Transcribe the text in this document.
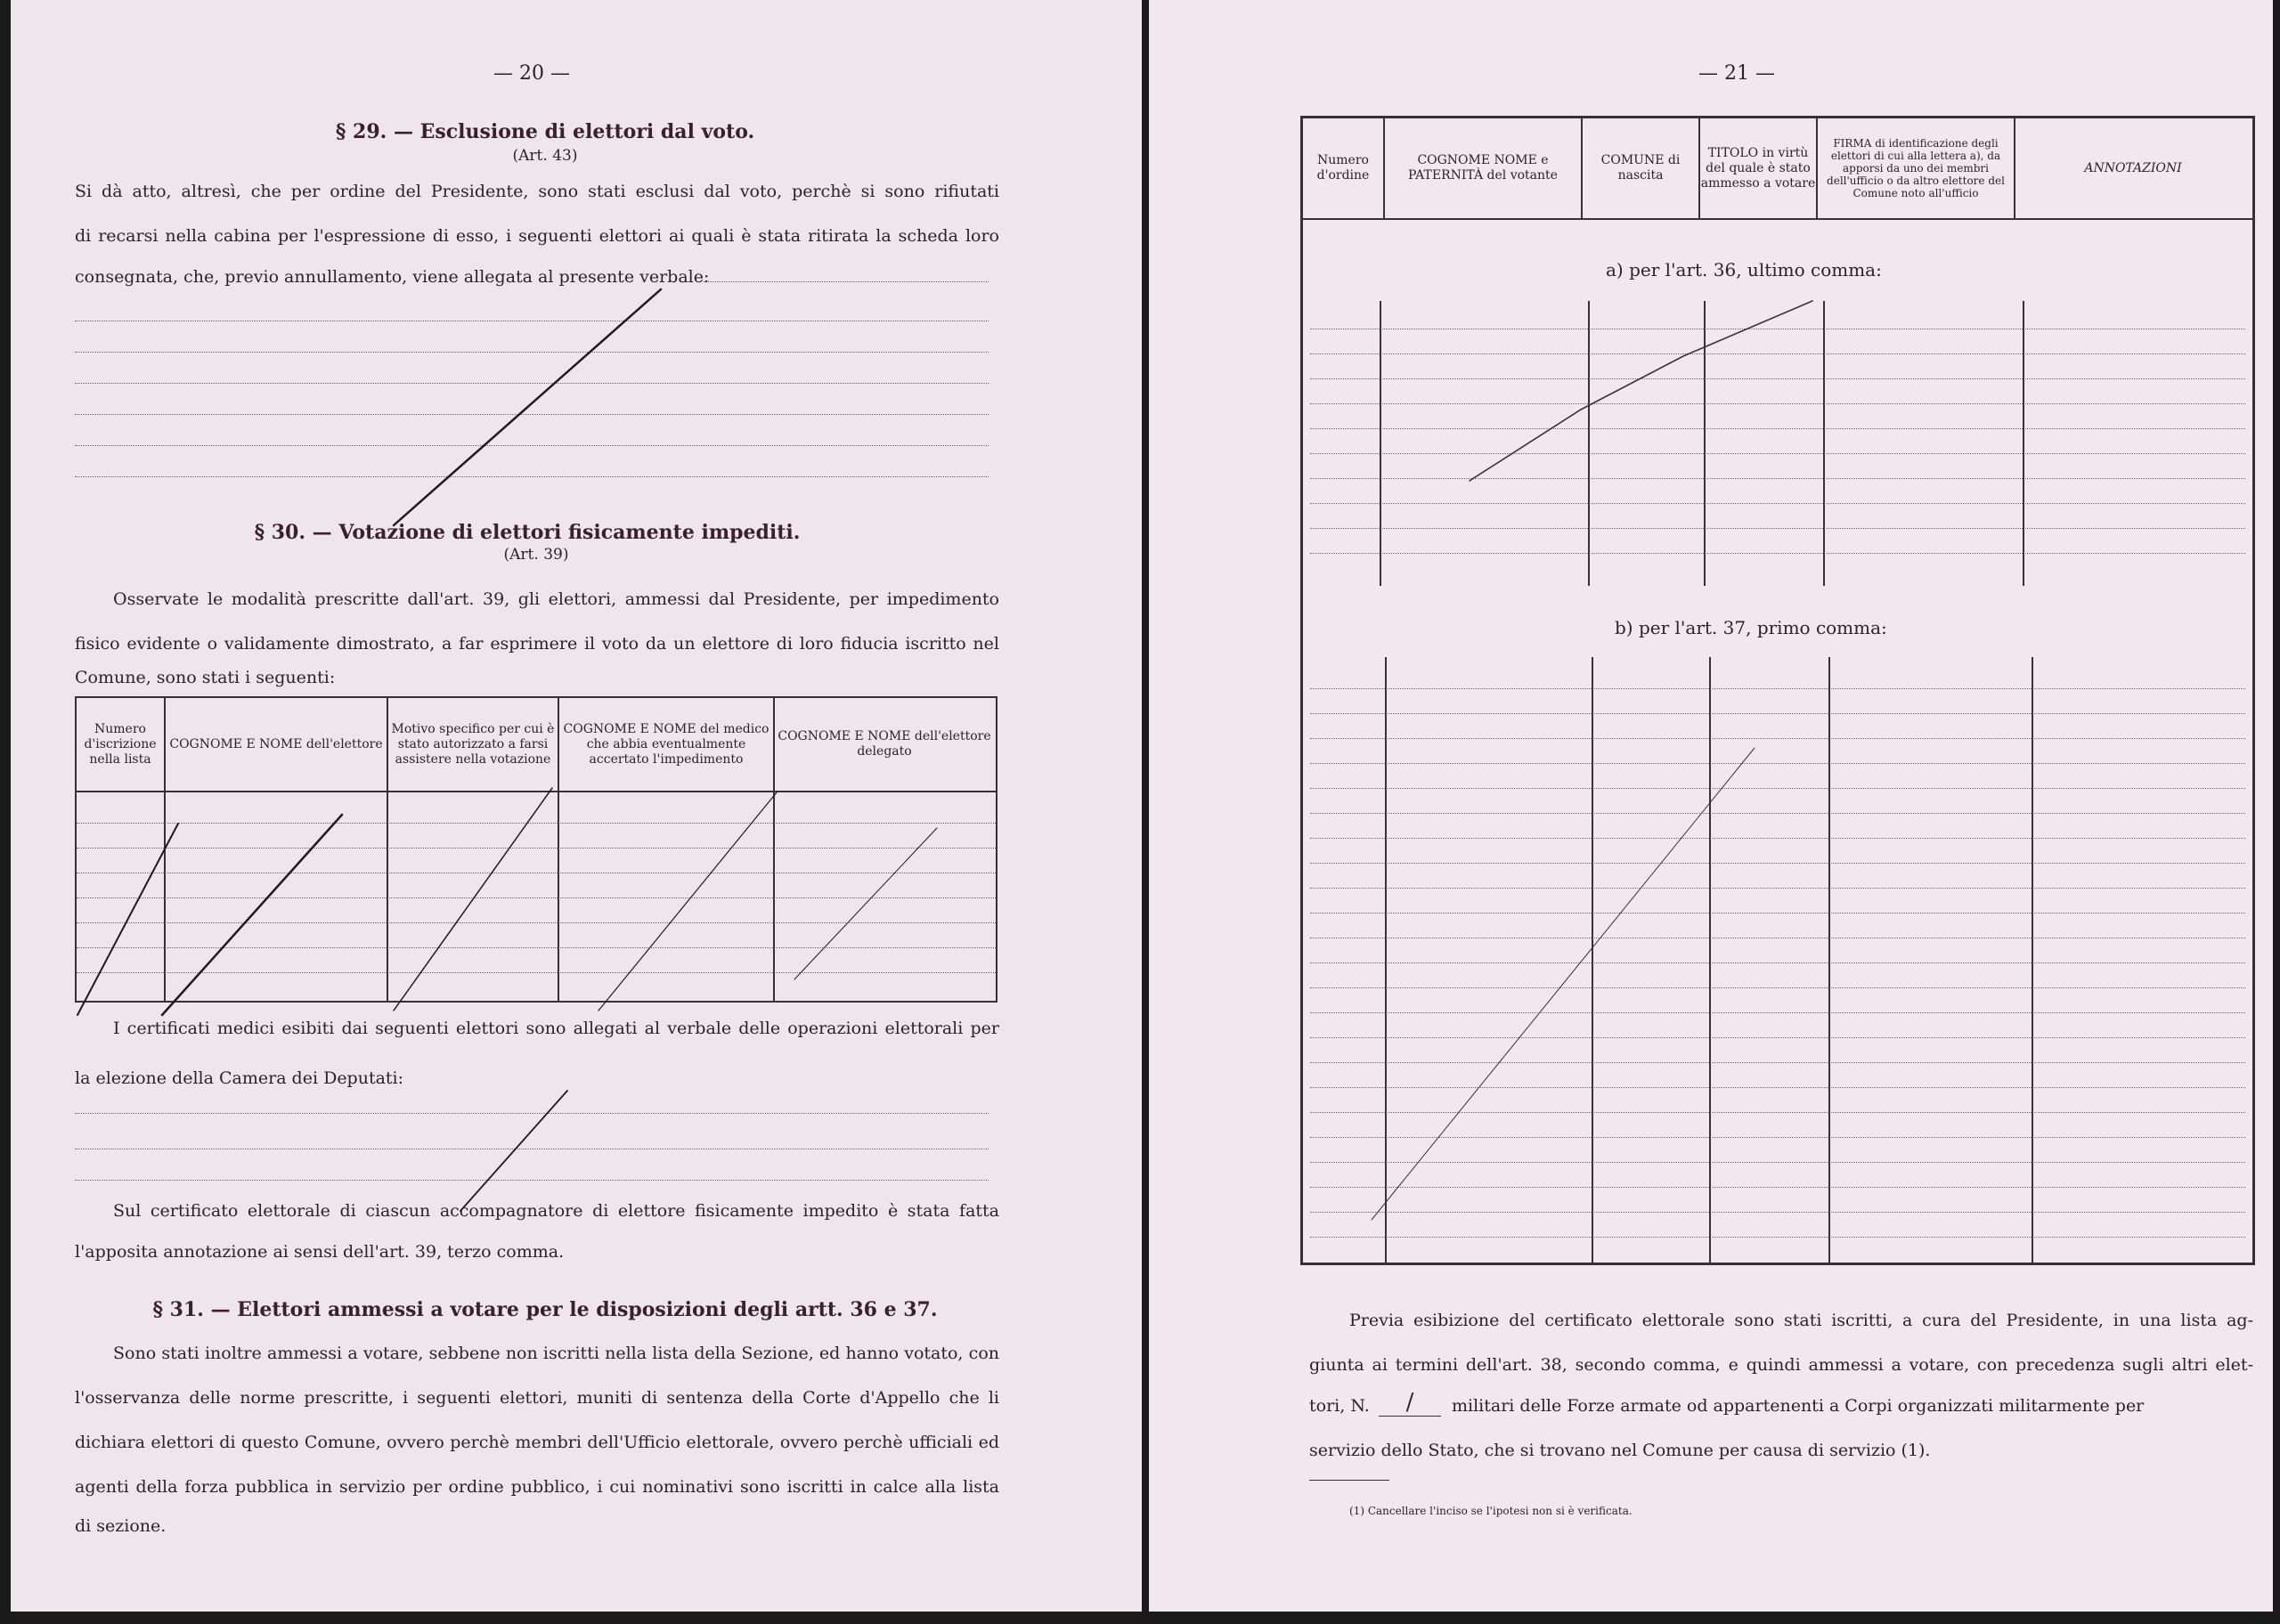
— 20 —
§ 29. — Esclusione di elettori dal voto.
(Art. 43)
Si dà atto, altresì, che per ordine del Presidente, sono stati esclusi dal voto, perchè si sono rifiutati
di recarsi nella cabina per l'espressione di esso, i seguenti elettori ai quali è stata ritirata la scheda loro
consegnata, che, previo annullamento, viene allegata al presente verbale:
§ 30. — Votazione di elettori fisicamente impediti.
(Art. 39)
Osservate le modalità prescritte dall'art. 39, gli elettori, ammessi dal Presidente, per impedimento
fisico evidente o validamente dimostrato, a far esprimere il voto da un elettore di loro fiducia iscritto nel
Comune, sono stati i seguenti:
Numero d'iscrizione nella lista
COGNOME E NOME dell'elettore
Motivo specifico per cui è stato autorizzato a farsi assistere nella votazione
COGNOME E NOME del medico che abbia eventualmente accertato l'impedimento
COGNOME E NOME dell'elettore delegato
I certificati medici esibiti dai seguenti elettori sono allegati al verbale delle operazioni elettorali per
la elezione della Camera dei Deputati:
Sul certificato elettorale di ciascun accompagnatore di elettore fisicamente impedito è stata fatta
l'apposita annotazione ai sensi dell'art. 39, terzo comma.
§ 31. — Elettori ammessi a votare per le disposizioni degli artt. 36 e 37.
Sono stati inoltre ammessi a votare, sebbene non iscritti nella lista della Sezione, ed hanno votato, con
l'osservanza delle norme prescritte, i seguenti elettori, muniti di sentenza della Corte d'Appello che li
dichiara elettori di questo Comune, ovvero perchè membri dell'Ufficio elettorale, ovvero perchè ufficiali ed
agenti della forza pubblica in servizio per ordine pubblico, i cui nominativi sono iscritti in calce alla lista
di sezione.
— 21 —
Numero d'ordine
COGNOME NOME e PATERNITÀ del votante
COMUNE di nascita
TITOLO in virtù del quale è stato ammesso a votare
FIRMA di identificazione degli elettori di cui alla lettera a), da apporsi da uno dei membri dell'ufficio o da altro elettore del Comune noto all'ufficio
ANNOTAZIONI
a) per l'art. 36, ultimo comma:
b) per l'art. 37, primo comma:
Previa esibizione del certificato elettorale sono stati iscritti, a cura del Presidente, in una lista ag-
giunta ai termini dell'art. 38, secondo comma, e quindi ammessi a votare, con precedenza sugli altri elet-
tori, N.	/	militari delle Forze armate od appartenenti a Corpi organizzati militarmente per
servizio dello Stato, che si trovano nel Comune per causa di servizio (1).
(1) Cancellare l'inciso se l'ipotesi non si è verificata.
